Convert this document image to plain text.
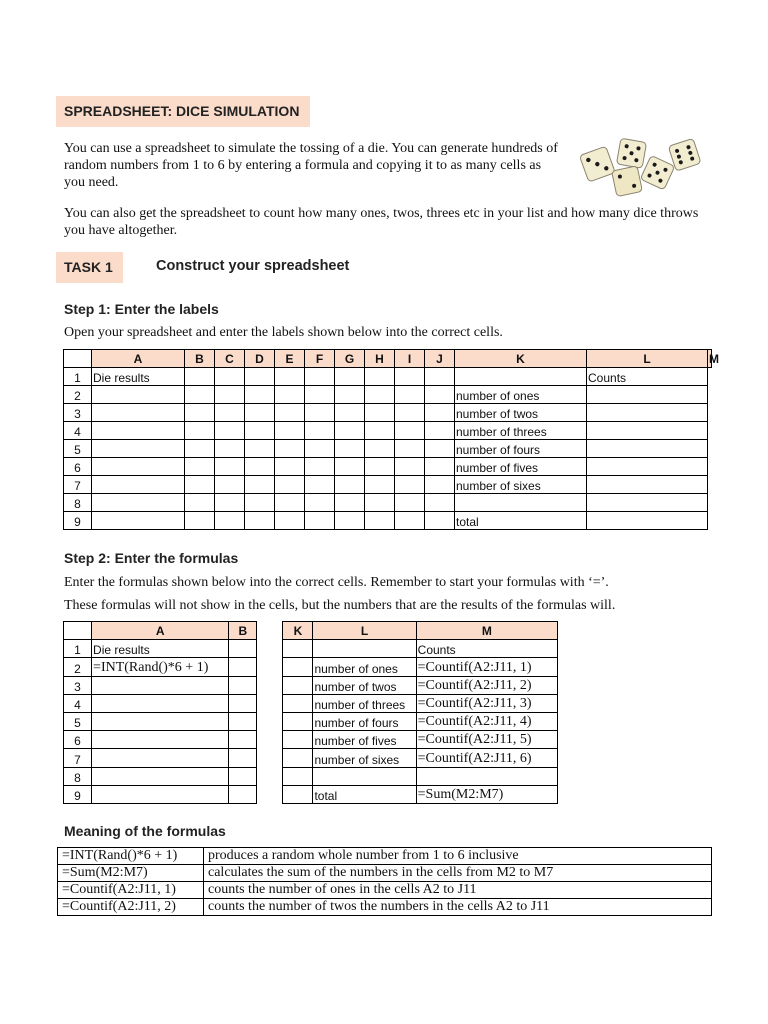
SPREADSHEET: DICE SIMULATION

You can use a spreadsheet to simulate the tossing of a die. You can generate hundreds of random numbers from 1 to 6 by entering a formula and copying it to as many cells as you need.

You can also get the spreadsheet to count how many ones, twos, threes etc in your list and how many dice throws you have altogether.

TASK 1	Construct your spreadsheet
Step 1: Enter the labels

Open your spreadsheet and enter the labels shown below into the correct cells.

	A	B	C	D	E	F	G	H	I	J	K	L	M
1	Die results											Counts	
2											number of ones		
3											number of twos		
4											number of threes		
5											number of fours		
6											number of fives		
7											number of sixes		
8													
9											total		
Step 2: Enter the formulas

Enter the formulas shown below into the correct cells. Remember to start your formulas with ‘=’.

These formulas will not show in the cells, but the numbers that are the results of the formulas will.

	A	B		K	L	M
1	Die results					Counts
2	=INT(Rand()*6 + 1)				number of ones	=Countif(A2:J11, 1)
3					number of twos	=Countif(A2:J11, 2)
4					number of threes	=Countif(A2:J11, 3)
5					number of fours	=Countif(A2:J11, 4)
6					number of fives	=Countif(A2:J11, 5)
7					number of sixes	=Countif(A2:J11, 6)
8						
9					total	=Sum(M2:M7)
Meaning of the formulas
=INT(Rand()*6 + 1)	produces a random whole number from 1 to 6 inclusive
=Sum(M2:M7)	calculates the sum of the numbers in the cells from M2 to M7
=Countif(A2:J11, 1)	counts the number of ones in the cells A2 to J11
=Countif(A2:J11, 2)	counts the number of twos the numbers in the cells A2 to J11
